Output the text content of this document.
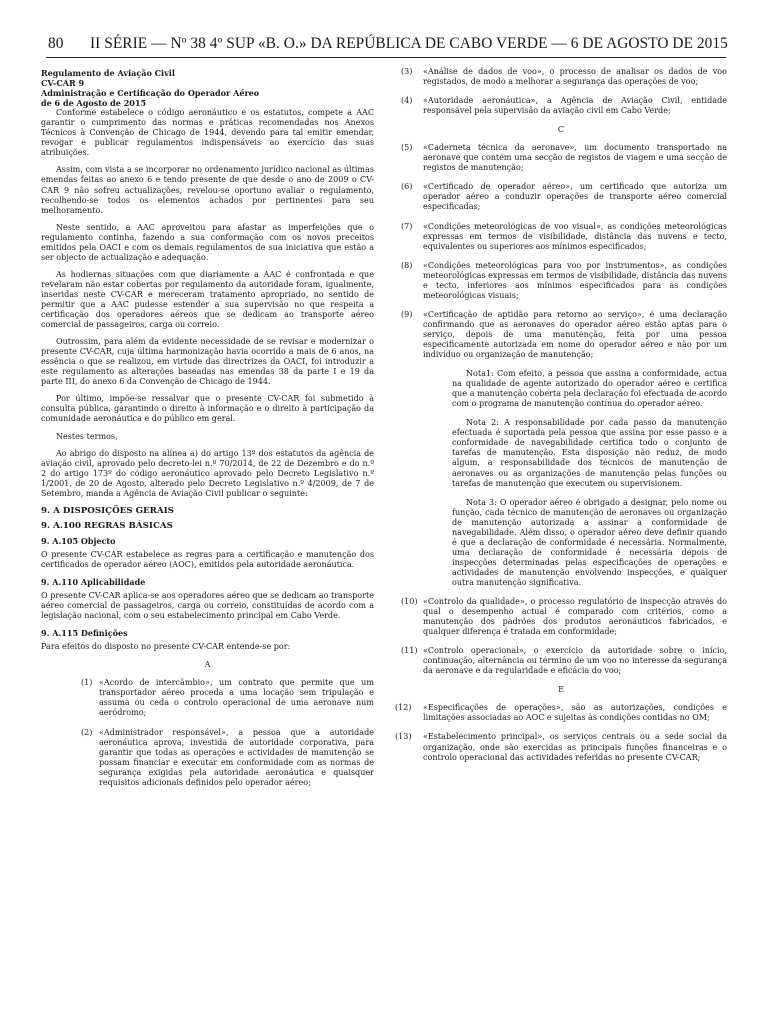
80 II SÉRIE — Nº 38 4º SUP «B. O.» DA REPÚBLICA DE CABO VERDE — 6 DE AGOSTO DE 2015

Regulamento de Aviação Civil

CV-CAR 9

Administração e Certificação do Operador Aéreo

de 6 de Agosto de 2015

Conforme estabelece o código aeronáutico e os estatutos, compete a AAC garantir o cumprimento das normas e práticas recomendadas nos Anexos Técnicos à Convenção de Chicago de 1944, devendo para tal emitir emendar, revogar e publicar regulamentos indispensáveis ao exercício das suas atribuições.

Assim, com vista a se incorporar no ordenamento jurídico nacional as últimas emendas feitas ao anexo 6 e tendo presente de que desde o ano de 2009 o CV-CAR 9 não sofreu actualizações, revelou-se oportuno avaliar o regulamento, recolhendo-se todos os elementos achados por pertinentes para seu melhoramento.

Neste sentido, a AAC aproveitou para afastar as imperfeições que o regulamento continha, fazendo a sua conformação com os novos preceitos emitidos pela OACI e com os demais regulamentos de sua iniciativa que estão a ser objecto de actualização e adequação.

As hodiernas situações com que diariamente a AAC é confrontada e que revelaram não estar cobertas por regulamento da autoridade foram, igualmente, inseridas neste CV-CAR e mereceram tratamento apropriado, no sentido de permitir que a AAC pudesse estender a sua supervisão no que respeita a certificação dos operadores aéreos que se dedicam ao transporte aéreo comercial de passageiros, carga ou correio.

Outrossim, para além da evidente necessidade de se revisar e modernizar o presente CV-CAR, cuja última harmonização havia ocorrido a mais de 6 anos, na essência o que se realizou, em virtude das directrizes da OACI, foi introduzir a este regulamento as alterações baseadas nas emendas 38 da parte I e 19 da parte III, do anexo 6 da Convenção de Chicago de 1944.

Por último, impõe-se ressalvar que o presente CV-CAR foi submetido à consulta pública, garantindo o direito à informação e o direito à participação da comunidade aeronáutica e do público em geral.

Nestes termos,

Ao abrigo do disposto na alínea a) do artigo 13º dos estatutos da agência de aviação civil, aprovado pelo decreto-lei n.º 70/2014, de 22 de Dezembro e do n.º 2 do artigo 173º do código aeronáutico aprovado pelo Decreto Legislativo n.º 1/2001, de 20 de Agosto, alterado pelo Decreto Legislativo n.º 4/2009, de 7 de Setembro, manda a Agência de Aviação Civil publicar o seguinte:

9. A DISPOSIÇÕES GERAIS

9. A.100 REGRAS BÁSICAS

9. A.105 Objecto

O presente CV-CAR estabelece as regras para a certificação e manutenção dos certificados de operador aéreo (AOC), emitidos pela autoridade aeronáutica.

9. A.110 Aplicabilidade

O presente CV-CAR aplica-se aos operadores aéreo que se dedicam ao transporte aéreo comercial de passageiros, carga ou correio, constituídas de acordo com a legislação nacional, com o seu estabelecimento principal em Cabo Verde.

9. A.115 Definições

Para efeitos do disposto no presente CV-CAR entende-se por:

A

(1) «Acordo de intercâmbio», um contrato que permite que um transportador aéreo proceda a uma locação sem tripulação e assuma ou ceda o controlo operacional de uma aeronave num aeródromo;
(2) «Administrador responsável», a pessoa que a autoridade aeronáutica aprova, investida de autoridade corporativa, para garantir que todas as operações e actividades de manutenção se possam financiar e executar em conformidade com as normas de segurança exigidas pela autoridade aeronáutica e quaisquer requisitos adicionais definidos pelo operador aéreo;
(3)	«Análise de dados de voo», o processo de analisar os dados de voo registados, de modo a melhorar a segurança das operações de voo;
(4)	«Autoridade aeronáutica», a Agência de Aviação Civil, entidade responsável pela supervisão da aviação civil em Cabo Verde;

C

(5)	«Caderneta técnica da aeronave», um documento transportado na aeronave que contém uma secção de registos de viagem e uma secção de registos de manutenção;
(6)	«Certificado de operador aéreo», um certificado que autoriza um operador aéreo a conduzir operações de transporte aéreo comercial especificadas;
(7)	«Condições meteorológicas de voo visual», as condições meteorológicas expressas em termos de visibilidade, distância das nuvens e tecto, equivalentes ou superiores aos mínimos especificados;
(8)	«Condições meteorológicas para voo por instrumentos», as condições meteorológicas expressas em termos de visibilidade, distância das nuvens e tecto, inferiores aos mínimos especificados para as condições meteorológicas visuais;
(9)	«Certificação de aptidão para retorno ao serviço», é uma declaração confirmando que as aeronaves do operador aéreo estão aptas para o serviço, depois de uma manutenção, feita por uma pessoa especificamente autorizada em nome do operador aéreo e não por um indivíduo ou organização de manutenção;

Nota1: Com efeito, a pessoa que assina a conformidade, actua na qualidade de agente autorizado do operador aéreo e certifica que a manutenção coberta pela declaração foi efectuada de acordo com o programa de manutenção contínua do operador aéreo.

Nota 2: A responsabilidade por cada passo da manutenção efectuada é suportada pela pessoa que assina por esse passo e a conformidade de navegabilidade certifica todo o conjunto de tarefas de manutenção. Esta disposição não reduz, de modo algum, a responsabilidade dos técnicos de manutenção de aeronaves ou as organizações de manutenção pelas funções ou tarefas de manutenção que executem ou supervisionem.

Nota 3: O operador aéreo é obrigado a designar, pelo nome ou função, cada técnico de manutenção de aeronaves ou organização de manutenção autorizada a assinar a conformidade de navegabilidade. Além disso, o operador aéreo deve definir quando é que a declaração de conformidade é necessária. Normalmente, uma declaração de conformidade é necessária depois de inspecções determinadas pelas especificações de operações e actividades de manutenção envolvendo inspecções, e qualquer outra manutenção significativa.

(10) «Controlo da qualidade», o processo regulatório de inspecção através do qual o desempenho actual é comparado com critérios, como a manutenção dos padrões dos produtos aeronáuticos fabricados, e qualquer diferença é tratada em conformidade;
(11) «Controlo operacional», o exercício da autoridade sobre o início, continuação, alternância ou término de um voo no interesse da segurança da aeronave e da regularidade e eficácia do voo;

E

(12)	«Especificações de operações», são as autorizações, condições e limitações associadas ao AOC e sujeitas às condições contidas no OM;
(13)	«Estabelecimento principal», os serviços centrais ou a sede social da organização, onde são exercidas as principais funções financeiras e o controlo operacional das actividades referidas no presente CV-CAR;
